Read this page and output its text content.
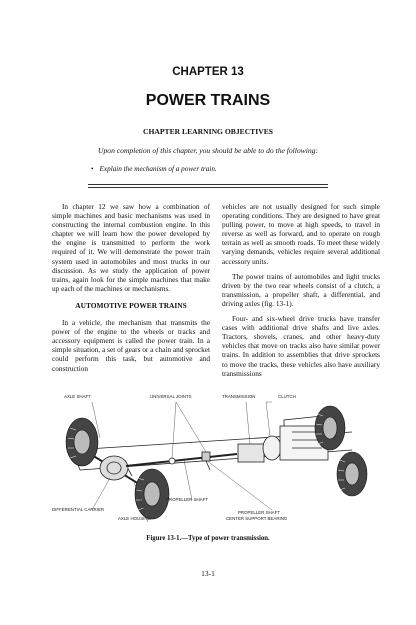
CHAPTER 13
POWER TRAINS
CHAPTER LEARNING OBJECTIVES
Upon completion of this chapter, you should be able to do the following:
• Explain the mechanism of a power train.

In chapter 12 we saw how a combination of simple machines and basic mechanisms was used in constructing the internal combustion engine. In this chapter we will learn how the power developed by the engine is transmitted to perform the work required of it. We will demonstrate the power train system used in automobiles and most trucks in our discussion. As we study the application of power trains, again look for the simple machines that make up each of the machines or mechanisms.

AUTOMOTIVE POWER TRAINS

In a vehicle, the mechanism that transmits the power of the engine to the wheels or tracks and accessory equipment is called the power train. In a simple situation, a set of gears or a chain and sprocket could perform this task, but automotive and construction

vehicles are not usually designed for such simple operating conditions. They are designed to have great pulling power, to move at high speeds, to travel in reverse as well as forward, and to operate on rough terrain as well as smooth roads. To meet these widely varying demands, vehicles require several additional accessory units.

The power trains of automobiles and light trucks driven by the two rear wheels consist of a clutch, a transmission, a propeller shaft, a differential, and driving axles (fig. 13-1).

Four- and six-wheel drive trucks have transfer cases with additional drive shafts and live axles. Tractors, shovels, cranes, and other heavy-duty vehicles that move on tracks also have similar power trains. In addition to assemblies that drive sprockets to move the tracks, these vehicles also have auxiliary transmissions

AXLE SHAFT	UNIVERSAL JOINTS	TRANSMISSION	CLUTCH
PROPELLER SHAFT
DIFFERENTIAL CARRIER
AXLE HOUSING
PROPELLER SHAFT
CENTER SUPPORT BEARING
Figure 13-1.—Type of power transmission.
13-1
